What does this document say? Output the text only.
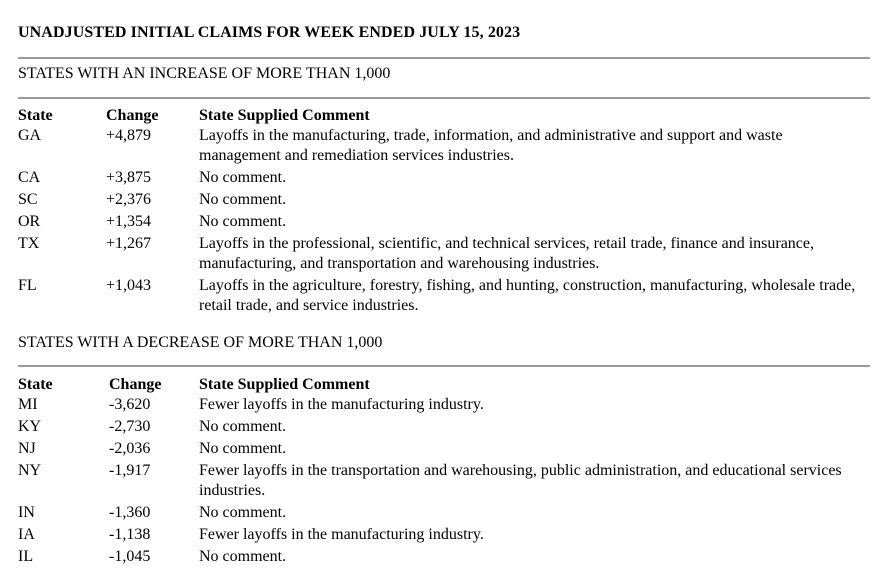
UNADJUSTED INITIAL CLAIMS FOR WEEK ENDED JULY 15, 2023
STATES WITH AN INCREASE OF MORE THAN 1,000
State	Change	State Supplied Comment
GA	+4,879	Layoffs in the manufacturing, trade, information, and administrative and support and waste management and remediation services industries.
CA	+3,875	No comment.
SC	+2,376	No comment.
OR	+1,354	No comment.
TX	+1,267	Layoffs in the professional, scientific, and technical services, retail trade, finance and insurance, manufacturing, and transportation and warehousing industries.
FL	+1,043	Layoffs in the agriculture, forestry, fishing, and hunting, construction, manufacturing, wholesale trade, retail trade, and service industries.
STATES WITH A DECREASE OF MORE THAN 1,000
State	Change	State Supplied Comment
MI	-3,620	Fewer layoffs in the manufacturing industry.
KY	-2,730	No comment.
NJ	-2,036	No comment.
NY	-1,917	Fewer layoffs in the transportation and warehousing, public administration, and educational services industries.
IN	-1,360	No comment.
IA	-1,138	Fewer layoffs in the manufacturing industry.
IL	-1,045	No comment.
